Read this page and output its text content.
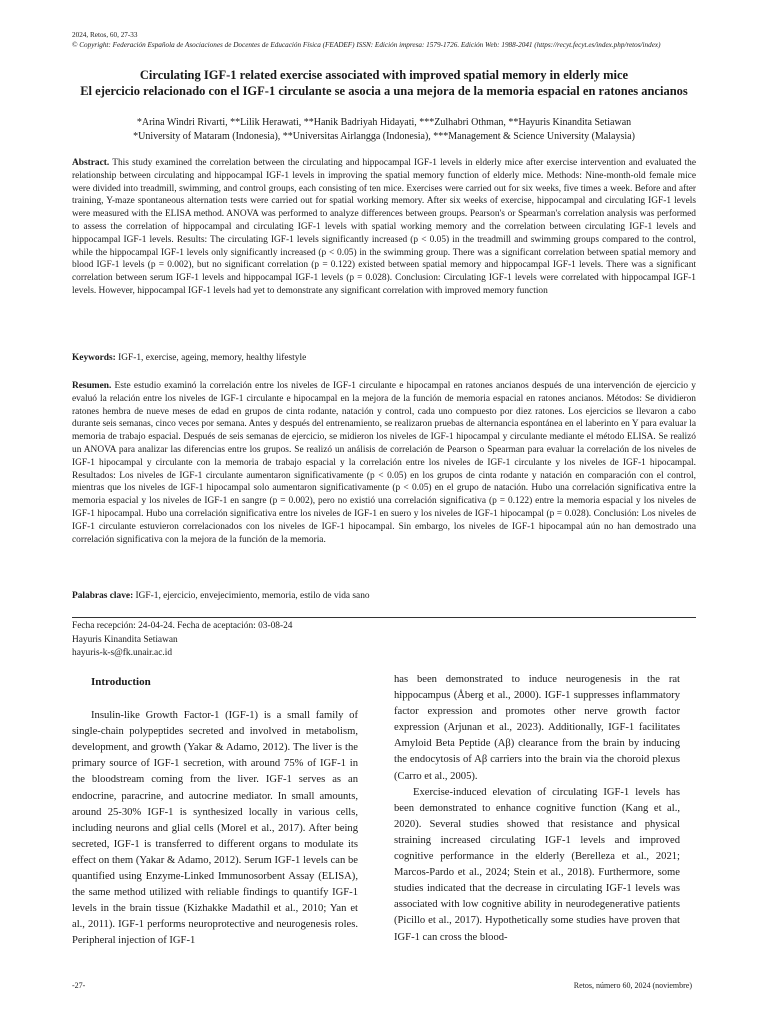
2024, Retos, 60, 27-33
© Copyright: Federación Española de Asociaciones de Docentes de Educación Física (FEADEF) ISSN: Edición impresa: 1579-1726. Edición Web: 1988-2041 (https://recyt.fecyt.es/index.php/retos/index)
Circulating IGF-1 related exercise associated with improved spatial memory in elderly mice
El ejercicio relacionado con el IGF-1 circulante se asocia a una mejora de la memoria espacial en ratones ancianos
*Arina Windri Rivarti, **Lilik Herawati, **Hanik Badriyah Hidayati, ***Zulhabri Othman, **Hayuris Kinandita Setiawan
*University of Mataram (Indonesia), **Universitas Airlangga (Indonesia), ***Management & Science University (Malaysia)
Abstract. This study examined the correlation between the circulating and hippocampal IGF-1 levels in elderly mice after exercise intervention and evaluated the relationship between circulating and hippocampal IGF-1 levels in improving the spatial memory function of elderly mice. Methods: Nine-month-old female mice were divided into treadmill, swimming, and control groups, each consisting of ten mice. Exercises were carried out for six weeks, five times a week. Before and after training, Y-maze spontaneous alternation tests were carried out for spatial working memory. After six weeks of exercise, hippocampal and circulating IGF-1 levels were measured with the ELISA method. ANOVA was performed to analyze differences between groups. Pearson's or Spearman's correlation analysis was performed to assess the correlation of hippocampal and circulating IGF-1 levels with spatial working memory and the correlation between circulating IGF-1 levels and hippocampal IGF-1 levels. Results: The circulating IGF-1 levels significantly increased (p < 0.05) in the treadmill and swimming groups compared to the control, while the hippocampal IGF-1 levels only significantly increased (p < 0.05) in the swimming group. There was a significant correlation between spatial memory and blood IGF-1 levels (p = 0.002), but no significant correlation (p = 0.122) existed between spatial memory and hippocampal IGF-1 levels. There was a significant correlation between serum IGF-1 levels and hippocampal IGF-1 levels (p = 0.028). Conclusion: Circulating IGF-1 levels were correlated with hippocampal IGF-1 levels. However, hippocampal IGF-1 levels had yet to demonstrate any significant correlation with improved memory function
Keywords: IGF-1, exercise, ageing, memory, healthy lifestyle
Resumen. Este estudio examinó la correlación entre los niveles de IGF-1 circulante e hipocampal en ratones ancianos después de una intervención de ejercicio y evaluó la relación entre los niveles de IGF-1 circulante e hipocampal en la mejora de la función de memoria espacial en ratones ancianos. Métodos: Se dividieron ratones hembra de nueve meses de edad en grupos de cinta rodante, natación y control, cada uno compuesto por diez ratones. Los ejercicios se llevaron a cabo durante seis semanas, cinco veces por semana. Antes y después del entrenamiento, se realizaron pruebas de alternancia espontánea en el laberinto en Y para evaluar la memoria de trabajo espacial. Después de seis semanas de ejercicio, se midieron los niveles de IGF-1 hipocampal y circulante mediante el método ELISA. Se realizó un ANOVA para analizar las diferencias entre los grupos. Se realizó un análisis de correlación de Pearson o Spearman para evaluar la correlación de los niveles de IGF-1 hipocampal y circulante con la memoria de trabajo espacial y la correlación entre los niveles de IGF-1 circulante y los niveles de IGF-1 hipocampal. Resultados: Los niveles de IGF-1 circulante aumentaron significativamente (p < 0.05) en los grupos de cinta rodante y natación en comparación con el control, mientras que los niveles de IGF-1 hipocampal solo aumentaron significativamente (p < 0.05) en el grupo de natación. Hubo una correlación significativa entre la memoria espacial y los niveles de IGF-1 en sangre (p = 0.002), pero no existió una correlación significativa (p = 0.122) entre la memoria espacial y los niveles de IGF-1 hipocampal. Hubo una correlación significativa entre los niveles de IGF-1 en suero y los niveles de IGF-1 hipocampal (p = 0.028). Conclusión: Los niveles de IGF-1 circulante estuvieron correlacionados con los niveles de IGF-1 hipocampal. Sin embargo, los niveles de IGF-1 hipocampal aún no han demostrado una correlación significativa con la mejora de la función de la memoria.
Palabras clave: IGF-1, ejercicio, envejecimiento, memoria, estilo de vida sano
Fecha recepción: 24-04-24. Fecha de aceptación: 03-08-24
Hayuris Kinandita Setiawan
hayuris-k-s@fk.unair.ac.id

Introduction

Insulin-like Growth Factor-1 (IGF-1) is a small family of single-chain polypeptides secreted and involved in metabolism, development, and growth (Yakar & Adamo, 2012). The liver is the primary source of IGF-1 secretion, with around 75% of IGF-1 in the bloodstream coming from the liver. IGF-1 serves as an endocrine, paracrine, and autocrine mediator. In small amounts, around 25-30% IGF-1 is synthesized locally in various cells, including neurons and glial cells (Morel et al., 2017). After being secreted, IGF-1 is transferred to different organs to modulate its effect on them (Yakar & Adamo, 2012). Serum IGF-1 levels can be quantified using Enzyme-Linked Immunosorbent Assay (ELISA), the same method utilized with reliable findings to quantify IGF-1 levels in the brain tissue (Kizhakke Madathil et al., 2010; Yan et al., 2011). IGF-1 performs neuroprotective and neurogenesis roles. Peripheral injection of IGF-1

has been demonstrated to induce neurogenesis in the rat hippocampus (Åberg et al., 2000). IGF-1 suppresses inflammatory factor expression and promotes other nerve growth factor expression (Arjunan et al., 2023). Additionally, IGF-1 facilitates Amyloid Beta Peptide (Aβ) clearance from the brain by inducing the endocytosis of Aβ carriers into the brain via the choroid plexus (Carro et al., 2005).

Exercise-induced elevation of circulating IGF-1 levels has been demonstrated to enhance cognitive function (Kang et al., 2020). Several studies showed that resistance and physical straining increased circulating IGF-1 levels and improved cognitive performance in the elderly (Berelleza et al., 2021; Marcos-Pardo et al., 2024; Stein et al., 2018). Furthermore, some studies indicated that the decrease in circulating IGF-1 levels was associated with low cognitive ability in neurodegenerative patients (Picillo et al., 2017). Hypothetically some studies have proven that IGF-1 can cross the blood-

-27-	Retos, número 60, 2024 (noviembre)
